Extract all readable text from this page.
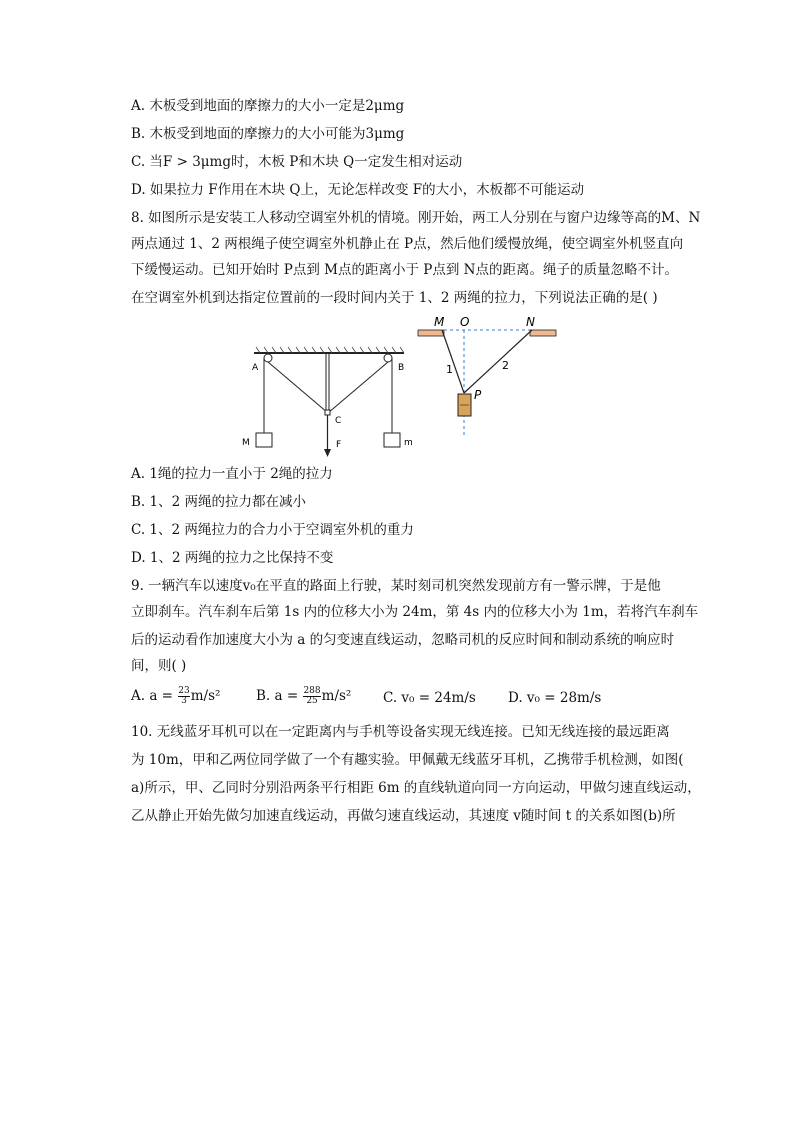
A. 木板受到地面的摩擦力的大小一定是2μmg
B. 木板受到地面的摩擦力的大小可能为3μmg
C. 当F > 3μmg时，木板 P和木块 Q一定发生相对运动
D. 如果拉力 F作用在木块 Q上，无论怎样改变 F的大小，木板都不可能运动
8. 如图所示是安装工人移动空调室外机的情境。刚开始，两工人分别在与窗户边缘等高的M、N
两点通过 1、2 两根绳子使空调室外机静止在 P点，然后他们缓慢放绳，使空调室外机竖直向
下缓慢运动。已知开始时 P点到 M点的距离小于 P点到 N点的距离。绳子的质量忽略不计。
在空调室外机到达指定位置前的一段时间内关于 1、2 两绳的拉力，下列说法正确的是( )
A	B
C
F
M	m
M O	N
P
1	2
A. 1绳的拉力一直小于 2绳的拉力
B. 1、2 两绳的拉力都在减小
C. 1、2 两绳拉力的合力小于空调室外机的重力
D. 1、2 两绳的拉力之比保持不变
9. 一辆汽车以速度v₀在平直的路面上行驶，某时刻司机突然发现前方有一警示牌，于是他
立即刹车。汽车刹车后第 1s 内的位移大小为 24m，第 4s 内的位移大小为 1m，若将汽车刹车
后的运动看作加速度大小为 a 的匀变速直线运动，忽略司机的反应时间和制动系统的响应时
间，则( )
A. $a = \frac{23}{3} m/s^2$	B. $a = \frac{288}{25} m/s^2$ C. v₀ = 24m/s D. v₀ = 28m/s
10. 无线蓝牙耳机可以在一定距离内与手机等设备实现无线连接。已知无线连接的最远距离
为 10m，甲和乙两位同学做了一个有趣实验。甲佩戴无线蓝牙耳机，乙携带手机检测，如图(
a)所示，甲、乙同时分别沿两条平行相距 6m 的直线轨道向同一方向运动，甲做匀速直线运动，
乙从静止开始先做匀加速直线运动，再做匀速直线运动，其速度 v随时间 t 的关系如图(b)所
